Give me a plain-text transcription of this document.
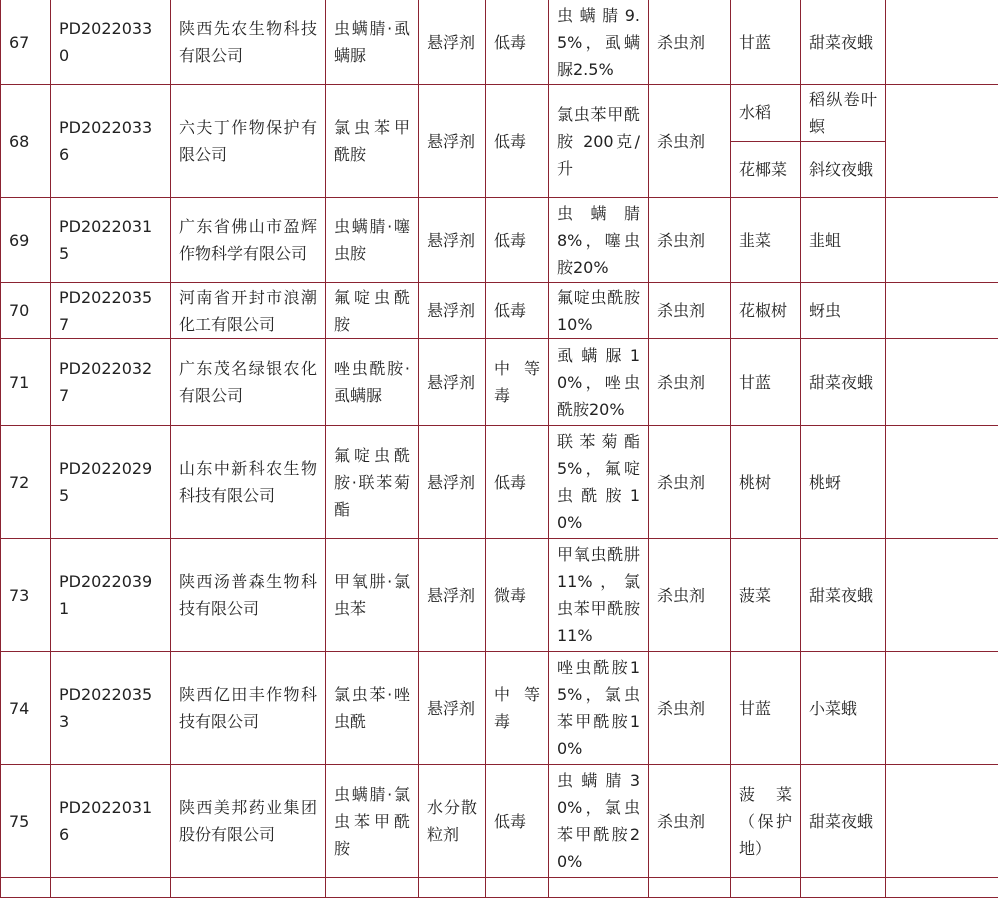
67	PD20220330	陕西先农生物科技有限公司	虫螨腈·虱螨脲	悬浮剂	低毒	虫螨腈9.5%，虱螨脲2.5%	杀虫剂	甘蓝	甜菜夜蛾	
68	PD20220336	六夫丁作物保护有限公司	氯虫苯甲酰胺	悬浮剂	低毒	氯虫苯甲酰胺 200克/升	杀虫剂	水稻	稻纵卷叶螟	
								花椰菜	斜纹夜蛾	
69	PD20220315	广东省佛山市盈辉作物科学有限公司	虫螨腈·噻虫胺	悬浮剂	低毒	虫螨腈8%，噻虫胺20%	杀虫剂	韭菜	韭蛆	
70	PD20220357	河南省开封市浪潮化工有限公司	氟啶虫酰胺	悬浮剂	低毒	氟啶虫酰胺10%	杀虫剂	花椒树	蚜虫	
71	PD20220327	广东茂名绿银农化有限公司	唑虫酰胺·虱螨脲	悬浮剂	中等毒	虱螨脲10%，唑虫酰胺20%	杀虫剂	甘蓝	甜菜夜蛾	
72	PD20220295	山东中新科农生物科技有限公司	氟啶虫酰胺·联苯菊酯	悬浮剂	低毒	联苯菊酯5%，氟啶虫酰胺10%	杀虫剂	桃树	桃蚜	
73	PD20220391	陕西汤普森生物科技有限公司	甲氧肼·氯虫苯	悬浮剂	微毒	甲氧虫酰肼11%，氯虫苯甲酰胺11%	杀虫剂	菠菜	甜菜夜蛾	
74	PD20220353	陕西亿田丰作物科技有限公司	氯虫苯·唑虫酰	悬浮剂	中等毒	唑虫酰胺15%，氯虫苯甲酰胺10%	杀虫剂	甘蓝	小菜蛾	
75	PD20220316	陕西美邦药业集团股份有限公司	虫螨腈·氯虫苯甲酰胺	水分散粒剂	低毒	虫螨腈30%，氯虫苯甲酰胺20%	杀虫剂	菠菜（保护地）	甜菜夜蛾	
